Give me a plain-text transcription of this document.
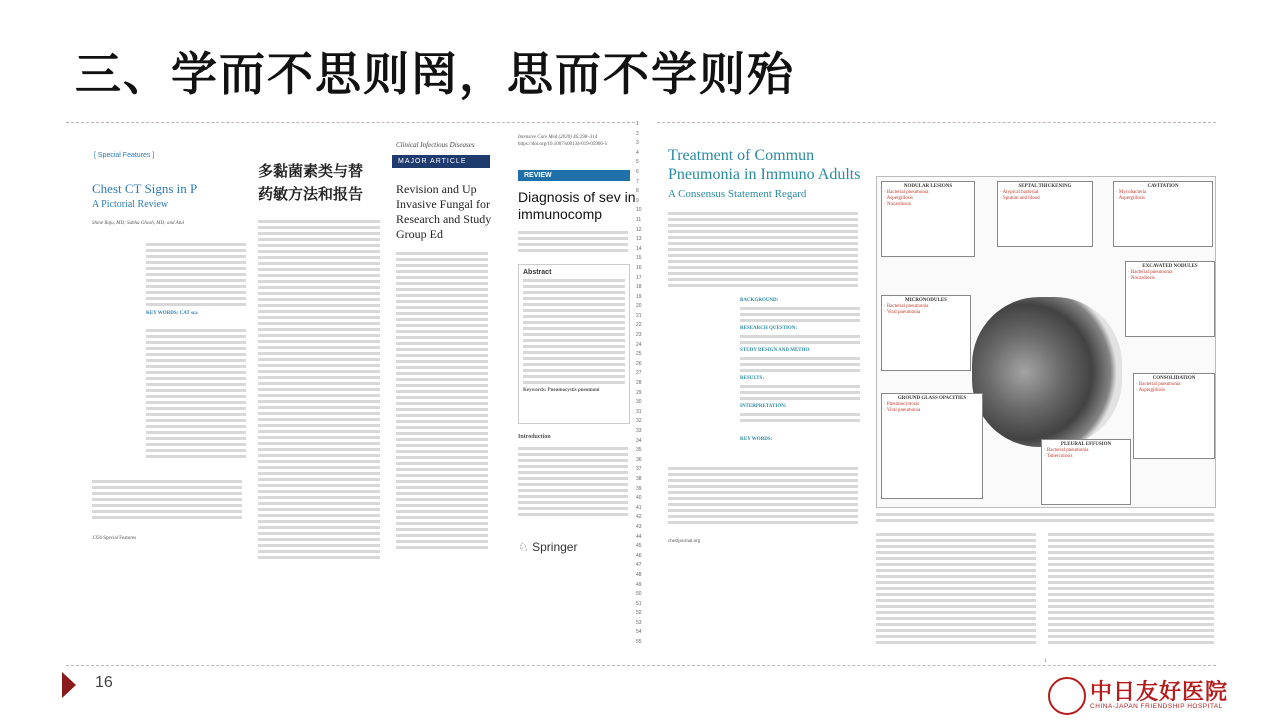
三、学而不思则罔，思而不学则殆
[ Special Features ]
Chest CT Signs in P
A Pictorial Review
Shine Raju, MD; Subha Ghosh, MD; and Atul
KEY WORDS: CAT sca
1356 Special Features
多黏菌素类与替
药敏方法和报告
Clinical Infectious Diseases
MAJOR ARTICLE
Revision and Up Invasive Fungal for Research and Study Group Ed
Intensive Care Med (2020) 46:298–314
https://doi.org/10.1007/s00134-019-05906-5
REVIEW
Diagnosis of sev in immunocomp
Abstract
Keywords: Pneumocystis pneumoni
Introduction
♘ Springer
1
2
3
4
5
6
7
8
9
10
11
12
13
14
15
16
17
18
19
20
21
22
23
24
25
26
27
28
29
30
31
32
33
34
35
36
37
38
39
40
41
42
43
44
45
46
47
48
49
50
51
52
53
54
55
Treatment of Commun Pneumonia in Immuno Adults
A Consensus Statement Regard
BACKGROUND:
RESEARCH QUESTION:
STUDY DESIGN AND METHO
RESULTS:
INTERPRETATION:
KEY WORDS:
chestjournal.org
NODULAR LESIONS
· Bacterial pneumonia
· Aspergillosis
· Nocardiosis
SEPTAL THICKENING
· Atypical bacterial
· Sputum and blood
CAVITATION
· Mycobacteria
· Aspergillosis
EXCAVATED NODULES
· Bacterial pneumonia
· Nocardiosis
MICRONODULES
· Bacterial pneumonia
· Viral pneumonia
CONSOLIDATION
· Bacterial pneumonia
· Aspergillosis
GROUND GLASS OPACITIES
· Pneumocystosis
· Viral pneumonia
PLEURAL EFFUSION
· Bacterial pneumonia
· Tuberculosis
1
16	中日友好医院
CHINA-JAPAN FRIENDSHIP HOSPITAL
